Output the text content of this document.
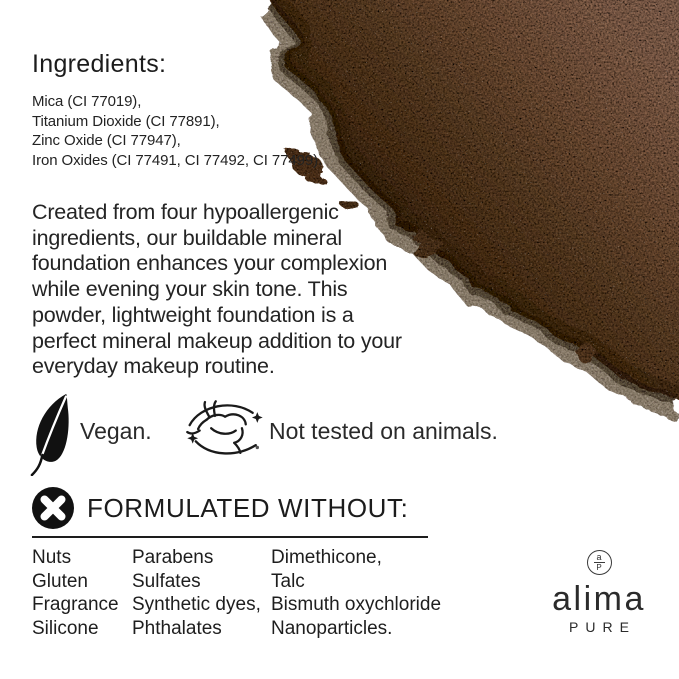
Ingredients:
Mica (CI 77019),
Titanium Dioxide (CI 77891),
Zinc Oxide (CI 77947),
Iron Oxides (CI 77491, CI 77492, CI 77499).
Created from four hypoallergenic
ingredients, our buildable mineral
foundation enhances your complexion
while evening your skin tone. This
powder, lightweight foundation is a
perfect mineral makeup addition to your
everyday makeup routine.
Vegan.	Not tested on animals.
FORMULATED WITHOUT:
Nuts
Gluten
Fragrance
Silicone
Parabens
Sulfates
Synthetic dyes,
Phthalates
Dimethicone,
Talc
Bismuth oxychloride
Nanoparticles.
a
P
alima
PURE
